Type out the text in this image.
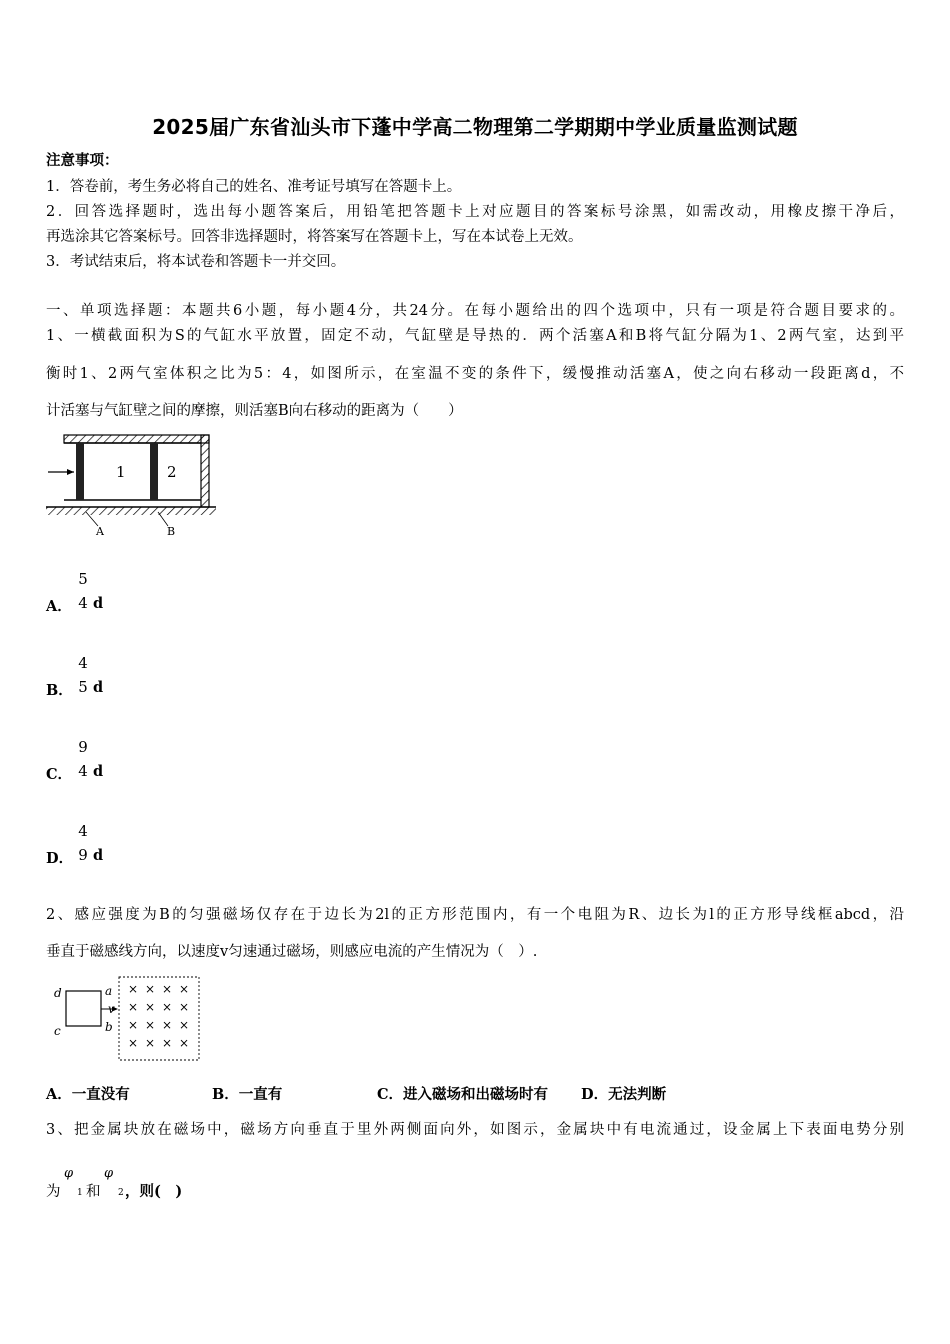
2025届广东省汕头市下蓬中学高二物理第二学期期中学业质量监测试题
注意事项：
1．答卷前，考生务必将自己的姓名、准考证号填写在答题卡上。
2．回答选择题时，选出每小题答案后，用铅笔把答题卡上对应题目的答案标号涂黑，如需改动，用橡皮擦干净后，
再选涂其它答案标号。回答非选择题时，将答案写在答题卡上，写在本试卷上无效。
3．考试结束后，将本试卷和答题卡一并交回。
一、单项选择题：本题共6小题，每小题4分，共24分。在每小题给出的四个选项中，只有一项是符合题目要求的。
1、一横截面积为S的气缸水平放置，固定不动，气缸壁是导热的．两个活塞A和B将气缸分隔为1、2两气室，达到平
衡时1、2两气室体积之比为5：4，如图所示，在室温不变的条件下，缓慢推动活塞A，使之向右移动一段距离d，不
计活塞与气缸壁之间的摩擦，则活塞B向右移动的距离为（　　）
1	2
A	B
A．
5
4 d
B．
4
5 d
C．
9
4 d
D．
4
9 d
2、感应强度为B的匀强磁场仅存在于边长为2l的正方形范围内，有一个电阻为R、边长为l的正方形导线框abcd，沿
垂直于磁感线方向，以速度v匀速通过磁场，则感应电流的产生情况为（　）.
d	a
c	b
v
× × × ×
× × × ×
× × × ×
× × × ×
A．一直没有	B．一直有	C．进入磁场和出磁场时有 D．无法判断
3、把金属块放在磁场中，磁场方向垂直于里外两侧面向外，如图示，金属块中有电流通过，设金属上下表面电势分别
为
φ
1 和
φ
2 ，则(　)
